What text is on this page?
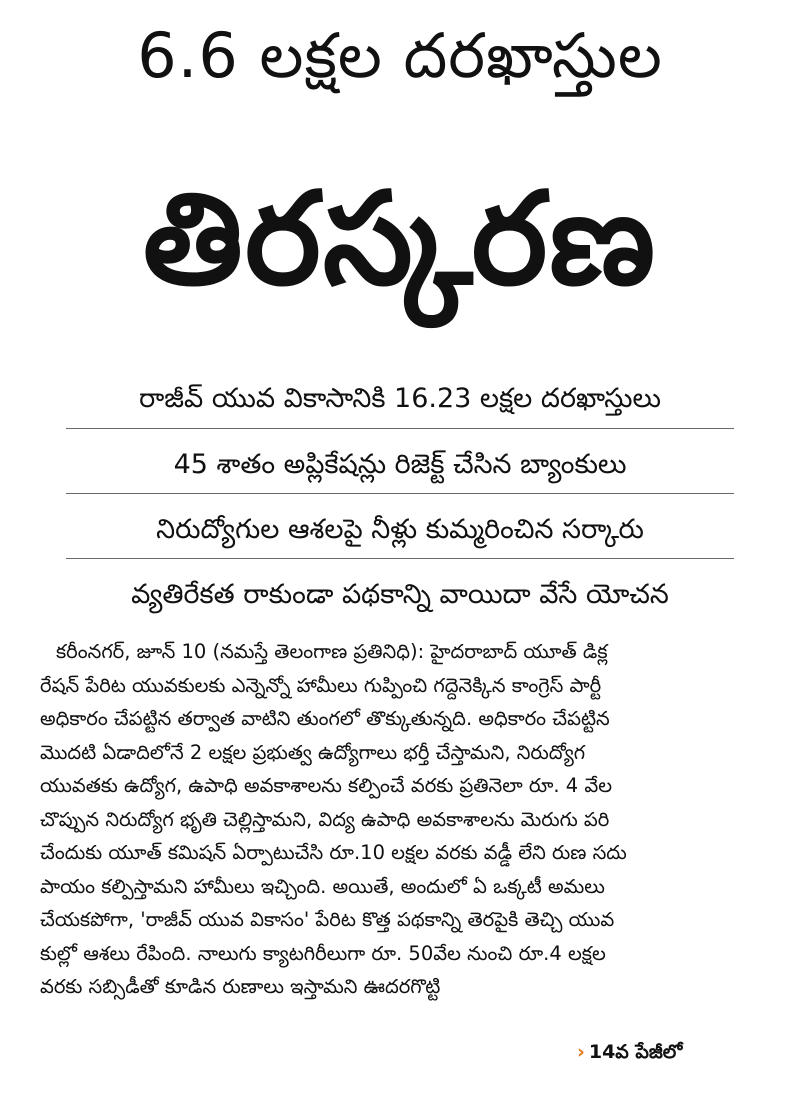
6.6 లక్షల దరఖాస్తుల
తిరస్కరణ
రాజీవ్ యువ వికాసానికి 16.23 లక్షల దరఖాస్తులు
45 శాతం అప్లికేషన్లు రిజెక్ట్ చేసిన బ్యాంకులు
నిరుద్యోగుల ఆశలపై నీళ్లు కుమ్మరించిన సర్కారు
వ్యతిరేకత రాకుండా పథకాన్ని వాయిదా వేసే యోచన
కరీంనగర్, జూన్ 10 (నమస్తే తెలంగాణ ప్రతినిధి): హైదరాబాద్ యూత్ డిక్ల
రేషన్ పేరిట యువకులకు ఎన్నెన్నో హామీలు గుప్పించి గద్దెనెక్కిన కాంగ్రెస్ పార్టీ
అధికారం చేపట్టిన తర్వాత వాటిని తుంగలో తొక్కుతున్నది. అధికారం చేపట్టిన
మొదటి ఏడాదిలోనే 2 లక్షల ప్రభుత్వ ఉద్యోగాలు భర్తీ చేస్తామని, నిరుద్యోగ
యువతకు ఉద్యోగ, ఉపాధి అవకాశాలను కల్పించే వరకు ప్రతినెలా రూ. 4 వేల
చొప్పున నిరుద్యోగ భృతి చెల్లిస్తామని, విద్య ఉపాధి అవకాశాలను మెరుగు పరి
చేందుకు యూత్ కమిషన్ ఏర్పాటుచేసి రూ.10 లక్షల వరకు వడ్డీ లేని రుణ సదు
పాయం కల్పిస్తామని హామీలు ఇచ్చింది. అయితే, అందులో ఏ ఒక్కటీ అమలు
చేయకపోగా, 'రాజీవ్ యువ వికాసం' పేరిట కొత్త పథకాన్ని తెరపైకి తెచ్చి యువ
కుల్లో ఆశలు రేపింది. నాలుగు క్యాటగిరీలుగా రూ. 50వేల నుంచి రూ.4 లక్షల
వరకు సబ్సిడీతో కూడిన రుణాలు ఇస్తామని ఊదరగొట్టి
› 14వ పేజీలో
